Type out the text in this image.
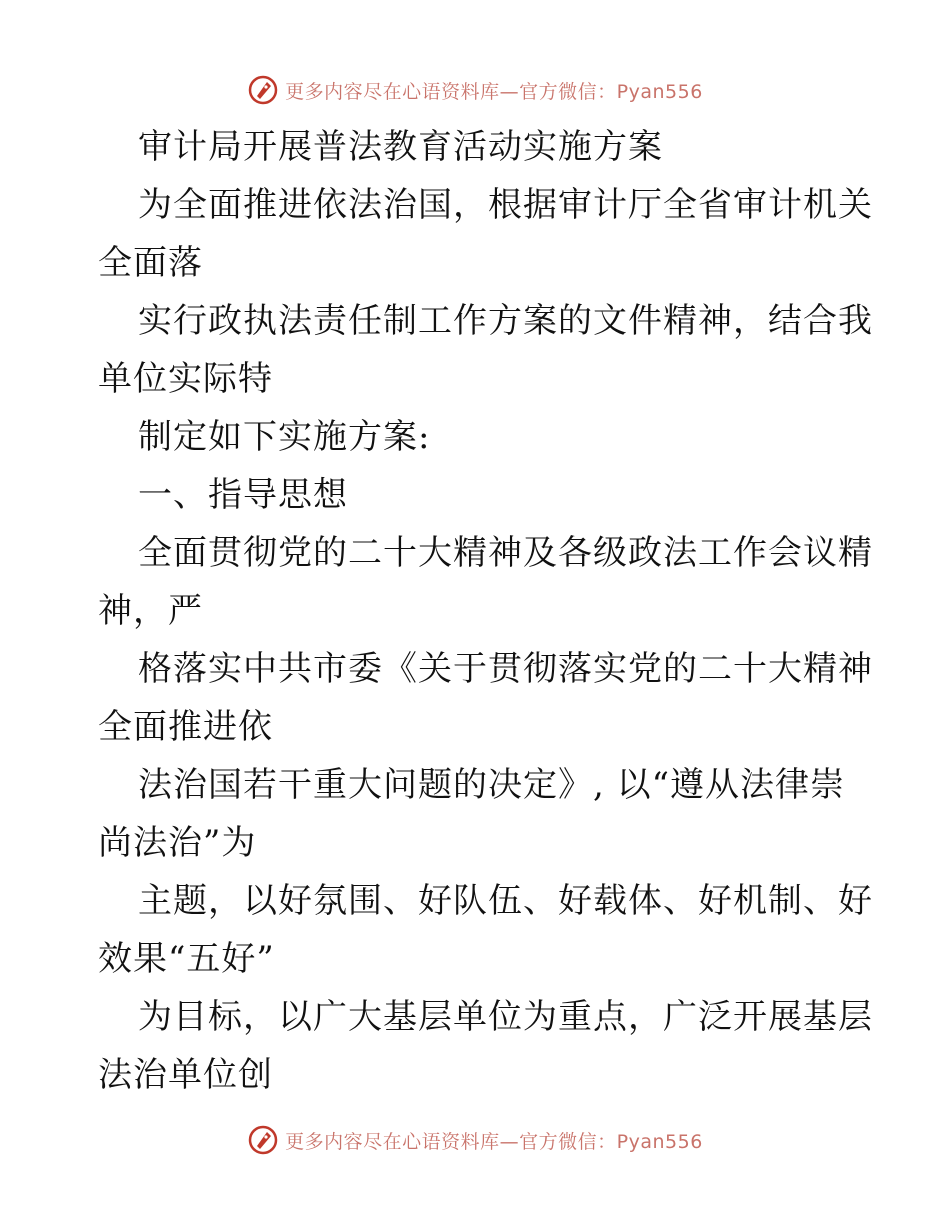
更多内容尽在心语资料库—官方微信：Pyan556
审计局开展普法教育活动实施方案
为全面推进依法治国，根据审计厅全省审计机关
全面落
实行政执法责任制工作方案的文件精神，结合我
单位实际特
制定如下实施方案:
一、指导思想
全面贯彻党的二十大精神及各级政法工作会议精
神，严
格落实中共市委《关于贯彻落实党的二十大精神
全面推进依
法治国若干重大问题的决定》, 以“遵从法律崇
尚法治”为
主题，以好氛围、好队伍、好载体、好机制、好
效果“五好”
为目标，以广大基层单位为重点，广泛开展基层
法治单位创
更多内容尽在心语资料库—官方微信：Pyan556
